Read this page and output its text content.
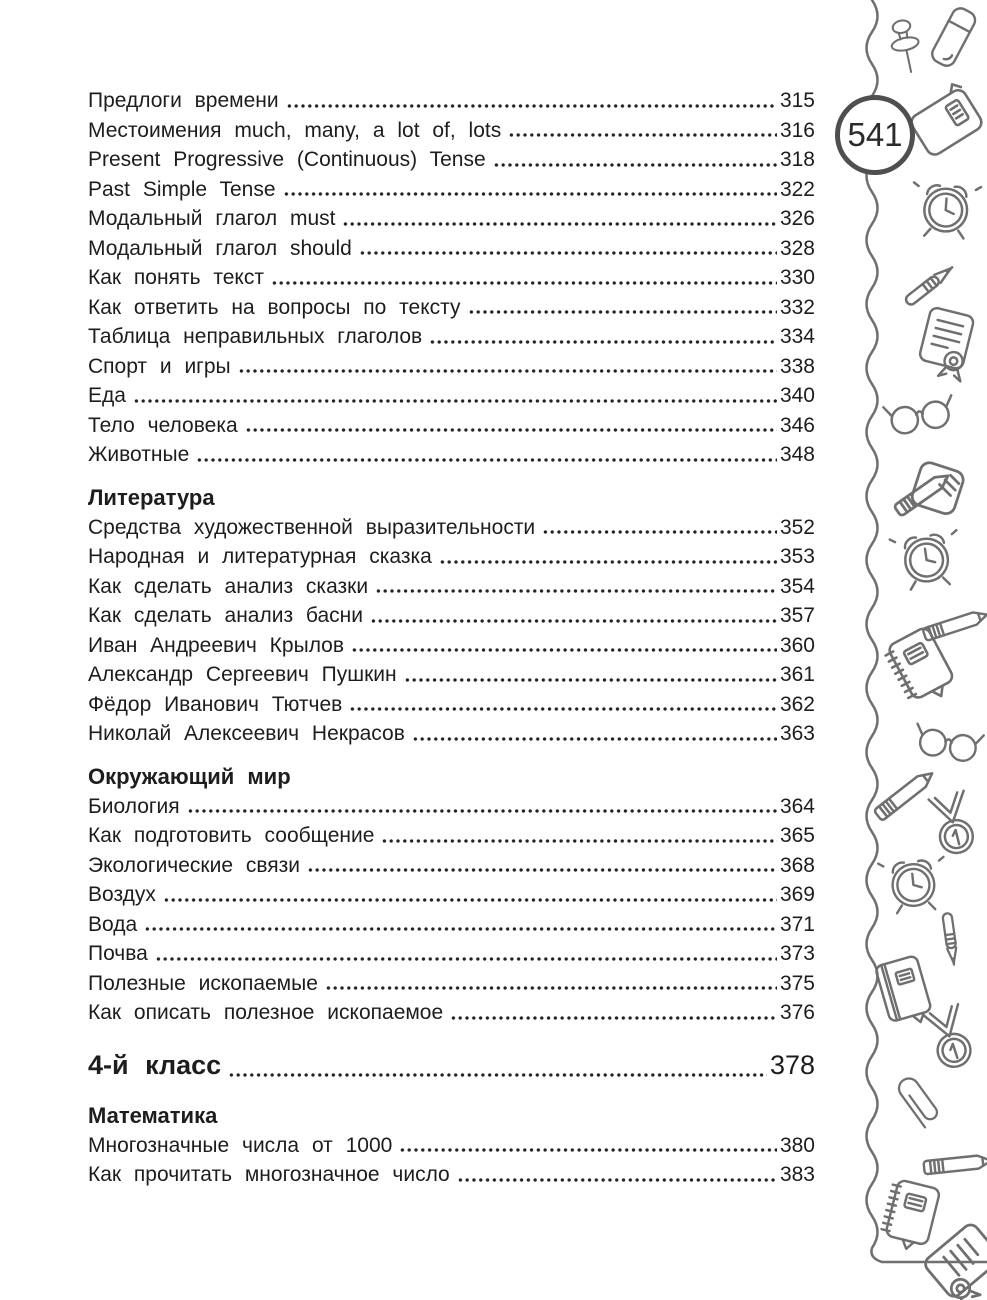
Предлоги времени	315
Местоимения much, many, a lot of, lots	316
Present Progressive (Continuous) Tense	318
Past Simple Tense	322
Модальный глагол must	326
Модальный глагол should	328
Как понять текст	330
Как ответить на вопросы по тексту	332
Таблица неправильных глаголов	334
Спорт и игры	338
Еда	340
Тело человека	346
Животные	348
Литература
Средства художественной выразительности	352
Народная и литературная сказка	353
Как сделать анализ сказки	354
Как сделать анализ басни	357
Иван Андреевич Крылов	360
Александр Сергеевич Пушкин	361
Фёдор Иванович Тютчев	362
Николай Алексеевич Некрасов	363
Окружающий мир
Биология	364
Как подготовить сообщение	365
Экологические связи	368
Воздух	369
Вода	371
Почва	373
Полезные ископаемые	375
Как описать полезное ископаемое	376
4-й класс	378
Математика
Многозначные числа от 1000	380
Как прочитать многозначное число	383
541
